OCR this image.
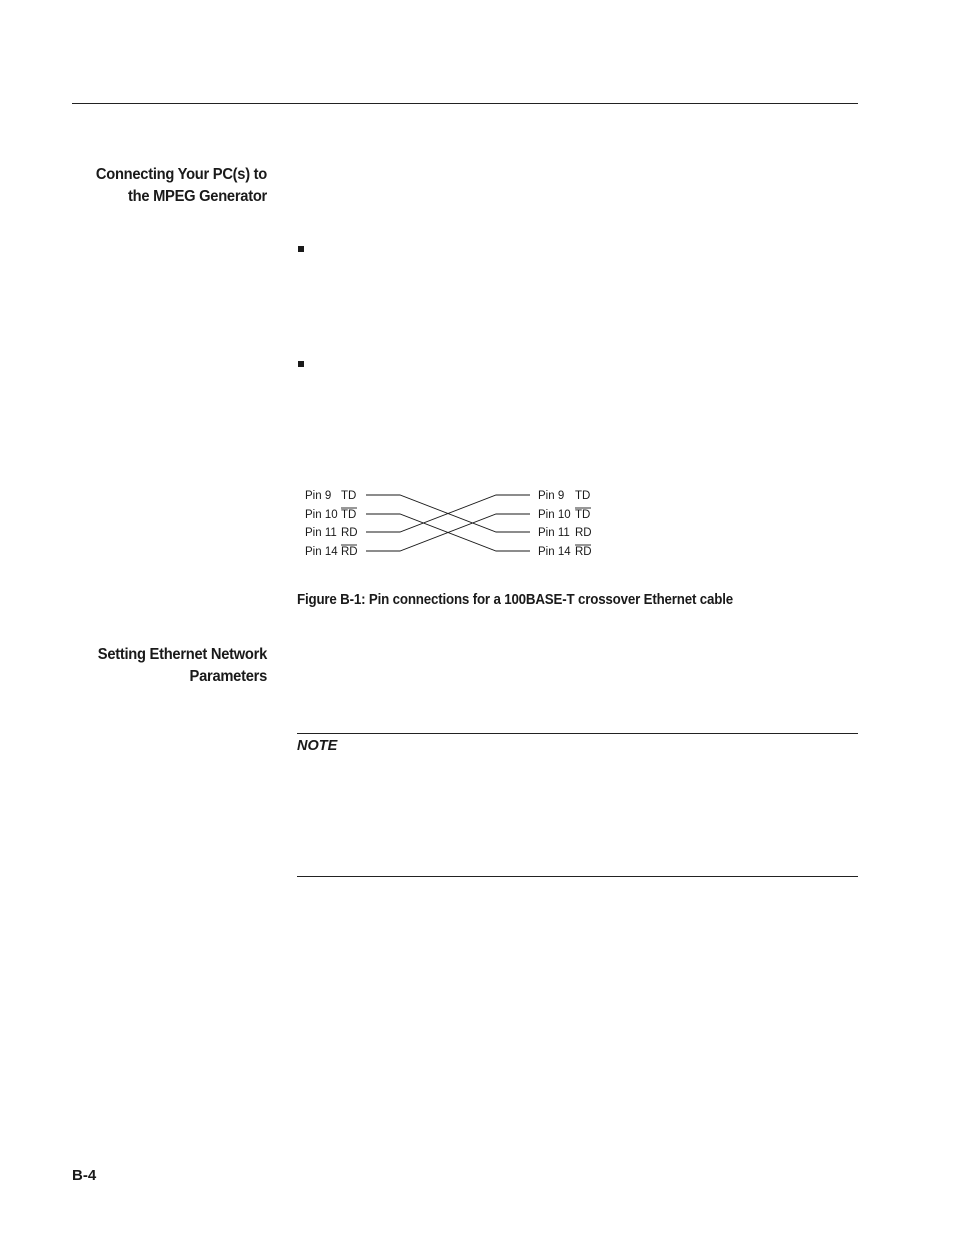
Connecting Your PC(s) to
the MPEG Generator
Pin 9 TD
Pin 10 TD
Pin 11 RD
Pin 14 RD
Pin 9 TD
Pin 10 TD
Pin 11 RD
Pin 14 RD
Figure B-1: Pin connections for a 100BASE-T crossover Ethernet cable
Setting Ethernet Network
Parameters
NOTE
B-4
